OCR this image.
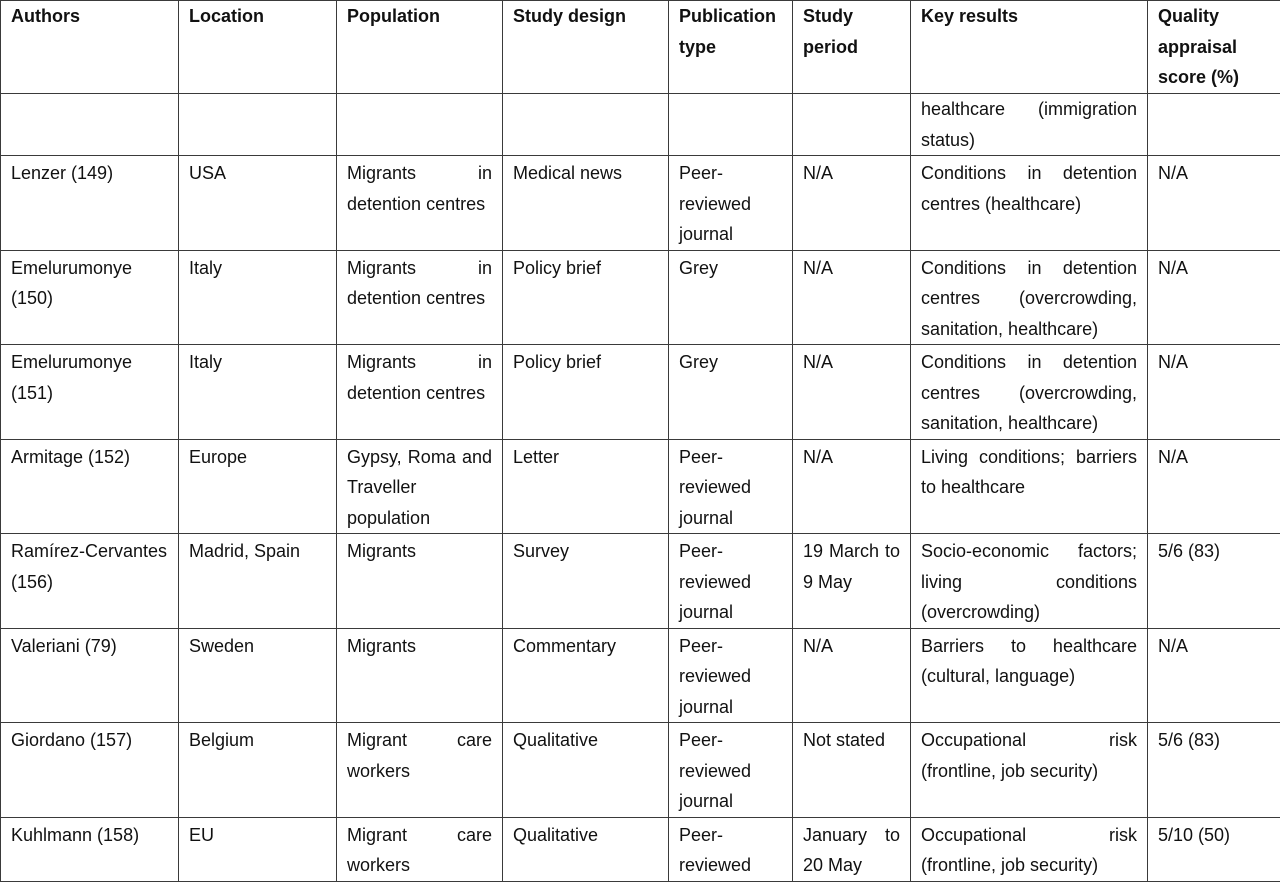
Authors	Location	Population	Study design	Publication type	Study period	Key results	Quality appraisal score (%)
						healthcare (immigration status)	
Lenzer (149)	USA	Migrants in detention centres	Medical news	Peer-reviewed journal	N/A	Conditions in detention centres (healthcare)	N/A
Emelurumonye (150)	Italy	Migrants in detention centres	Policy brief	Grey	N/A	Conditions in detention centres (overcrowding, sanitation, healthcare)	N/A
Emelurumonye (151)	Italy	Migrants in detention centres	Policy brief	Grey	N/A	Conditions in detention centres (overcrowding, sanitation, healthcare)	N/A
Armitage (152)	Europe	Gypsy, Roma and Traveller population	Letter	Peer-reviewed journal	N/A	Living conditions; barriers to healthcare	N/A
Ramírez-Cervantes (156)	Madrid, Spain	Migrants	Survey	Peer-reviewed journal	19 March to 9 May	Socio-economic factors; living conditions (overcrowding)	5/6 (83)
Valeriani (79)	Sweden	Migrants	Commentary	Peer-reviewed journal	N/A	Barriers to healthcare (cultural, language)	N/A
Giordano (157)	Belgium	Migrant care workers	Qualitative	Peer-reviewed journal	Not stated	Occupational risk (frontline, job security)	5/6 (83)
Kuhlmann (158)	EU	Migrant care workers	Qualitative	Peer-reviewed	January to 20 May	Occupational risk (frontline, job security)	5/10 (50)
